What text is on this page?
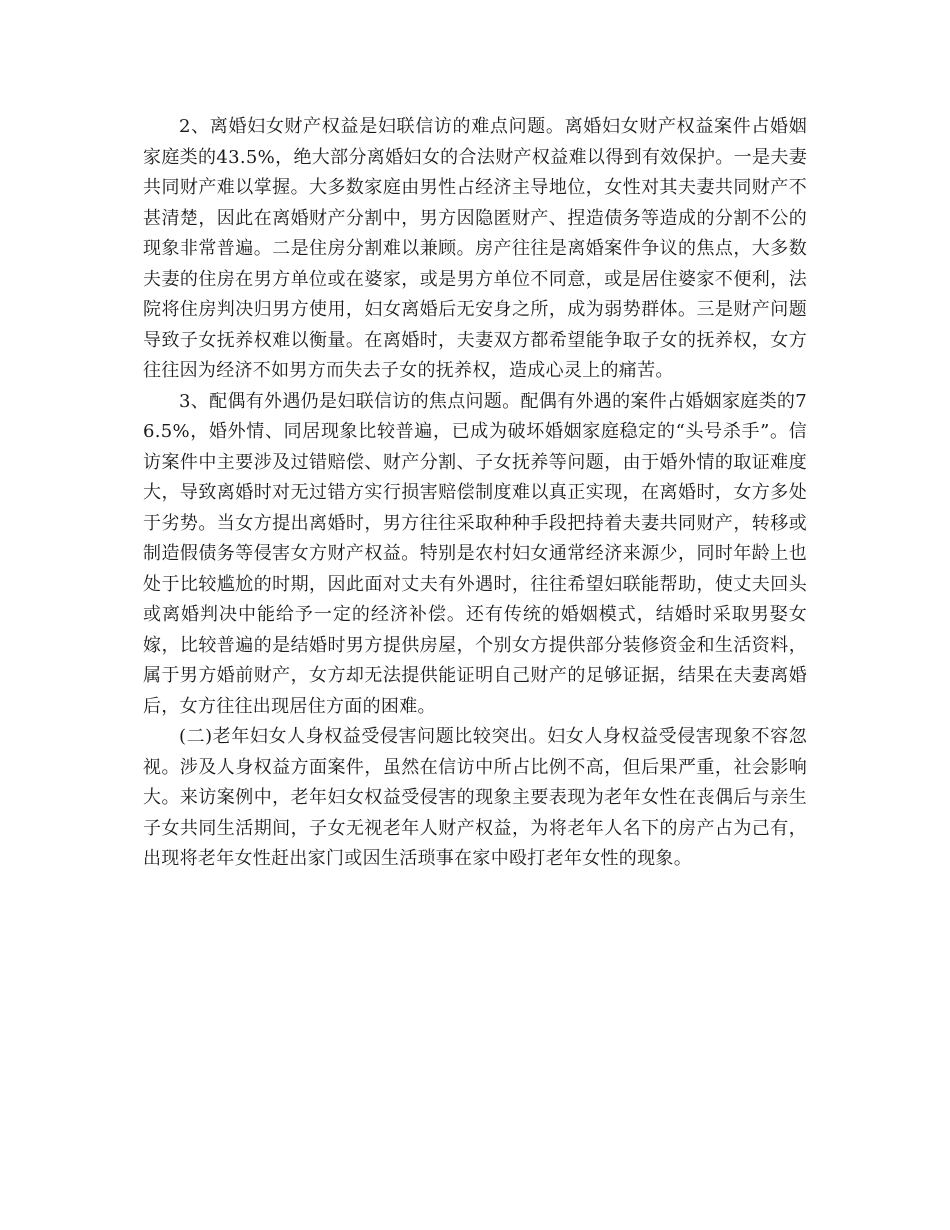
2、离婚妇女财产权益是妇联信访的难点问题。离婚妇女财产权益案件占婚姻家庭类的43.5%，绝大部分离婚妇女的合法财产权益难以得到有效保护。一是夫妻共同财产难以掌握。大多数家庭由男性占经济主导地位，女性对其夫妻共同财产不甚清楚，因此在离婚财产分割中，男方因隐匿财产、捏造债务等造成的分割不公的现象非常普遍。二是住房分割难以兼顾。房产往往是离婚案件争议的焦点，大多数夫妻的住房在男方单位或在婆家，或是男方单位不同意，或是居住婆家不便利，法院将住房判决归男方使用，妇女离婚后无安身之所，成为弱势群体。三是财产问题导致子女抚养权难以衡量。在离婚时，夫妻双方都希望能争取子女的抚养权，女方往往因为经济不如男方而失去子女的抚养权，造成心灵上的痛苦。

3、配偶有外遇仍是妇联信访的焦点问题。配偶有外遇的案件占婚姻家庭类的76.5%，婚外情、同居现象比较普遍，已成为破坏婚姻家庭稳定的“头号杀手”。信访案件中主要涉及过错赔偿、财产分割、子女抚养等问题，由于婚外情的取证难度大，导致离婚时对无过错方实行损害赔偿制度难以真正实现，在离婚时，女方多处于劣势。当女方提出离婚时，男方往往采取种种手段把持着夫妻共同财产，转移或制造假债务等侵害女方财产权益。特别是农村妇女通常经济来源少，同时年龄上也处于比较尴尬的时期，因此面对丈夫有外遇时，往往希望妇联能帮助，使丈夫回头或离婚判决中能给予一定的经济补偿。还有传统的婚姻模式，结婚时采取男娶女嫁，比较普遍的是结婚时男方提供房屋，个别女方提供部分装修资金和生活资料，属于男方婚前财产，女方却无法提供能证明自己财产的足够证据，结果在夫妻离婚后，女方往往出现居住方面的困难。

(二)老年妇女人身权益受侵害问题比较突出。妇女人身权益受侵害现象不容忽视。涉及人身权益方面案件，虽然在信访中所占比例不高，但后果严重，社会影响大。来访案例中，老年妇女权益受侵害的现象主要表现为老年女性在丧偶后与亲生子女共同生活期间，子女无视老年人财产权益，为将老年人名下的房产占为己有，出现将老年女性赶出家门或因生活琐事在家中殴打老年女性的现象。
